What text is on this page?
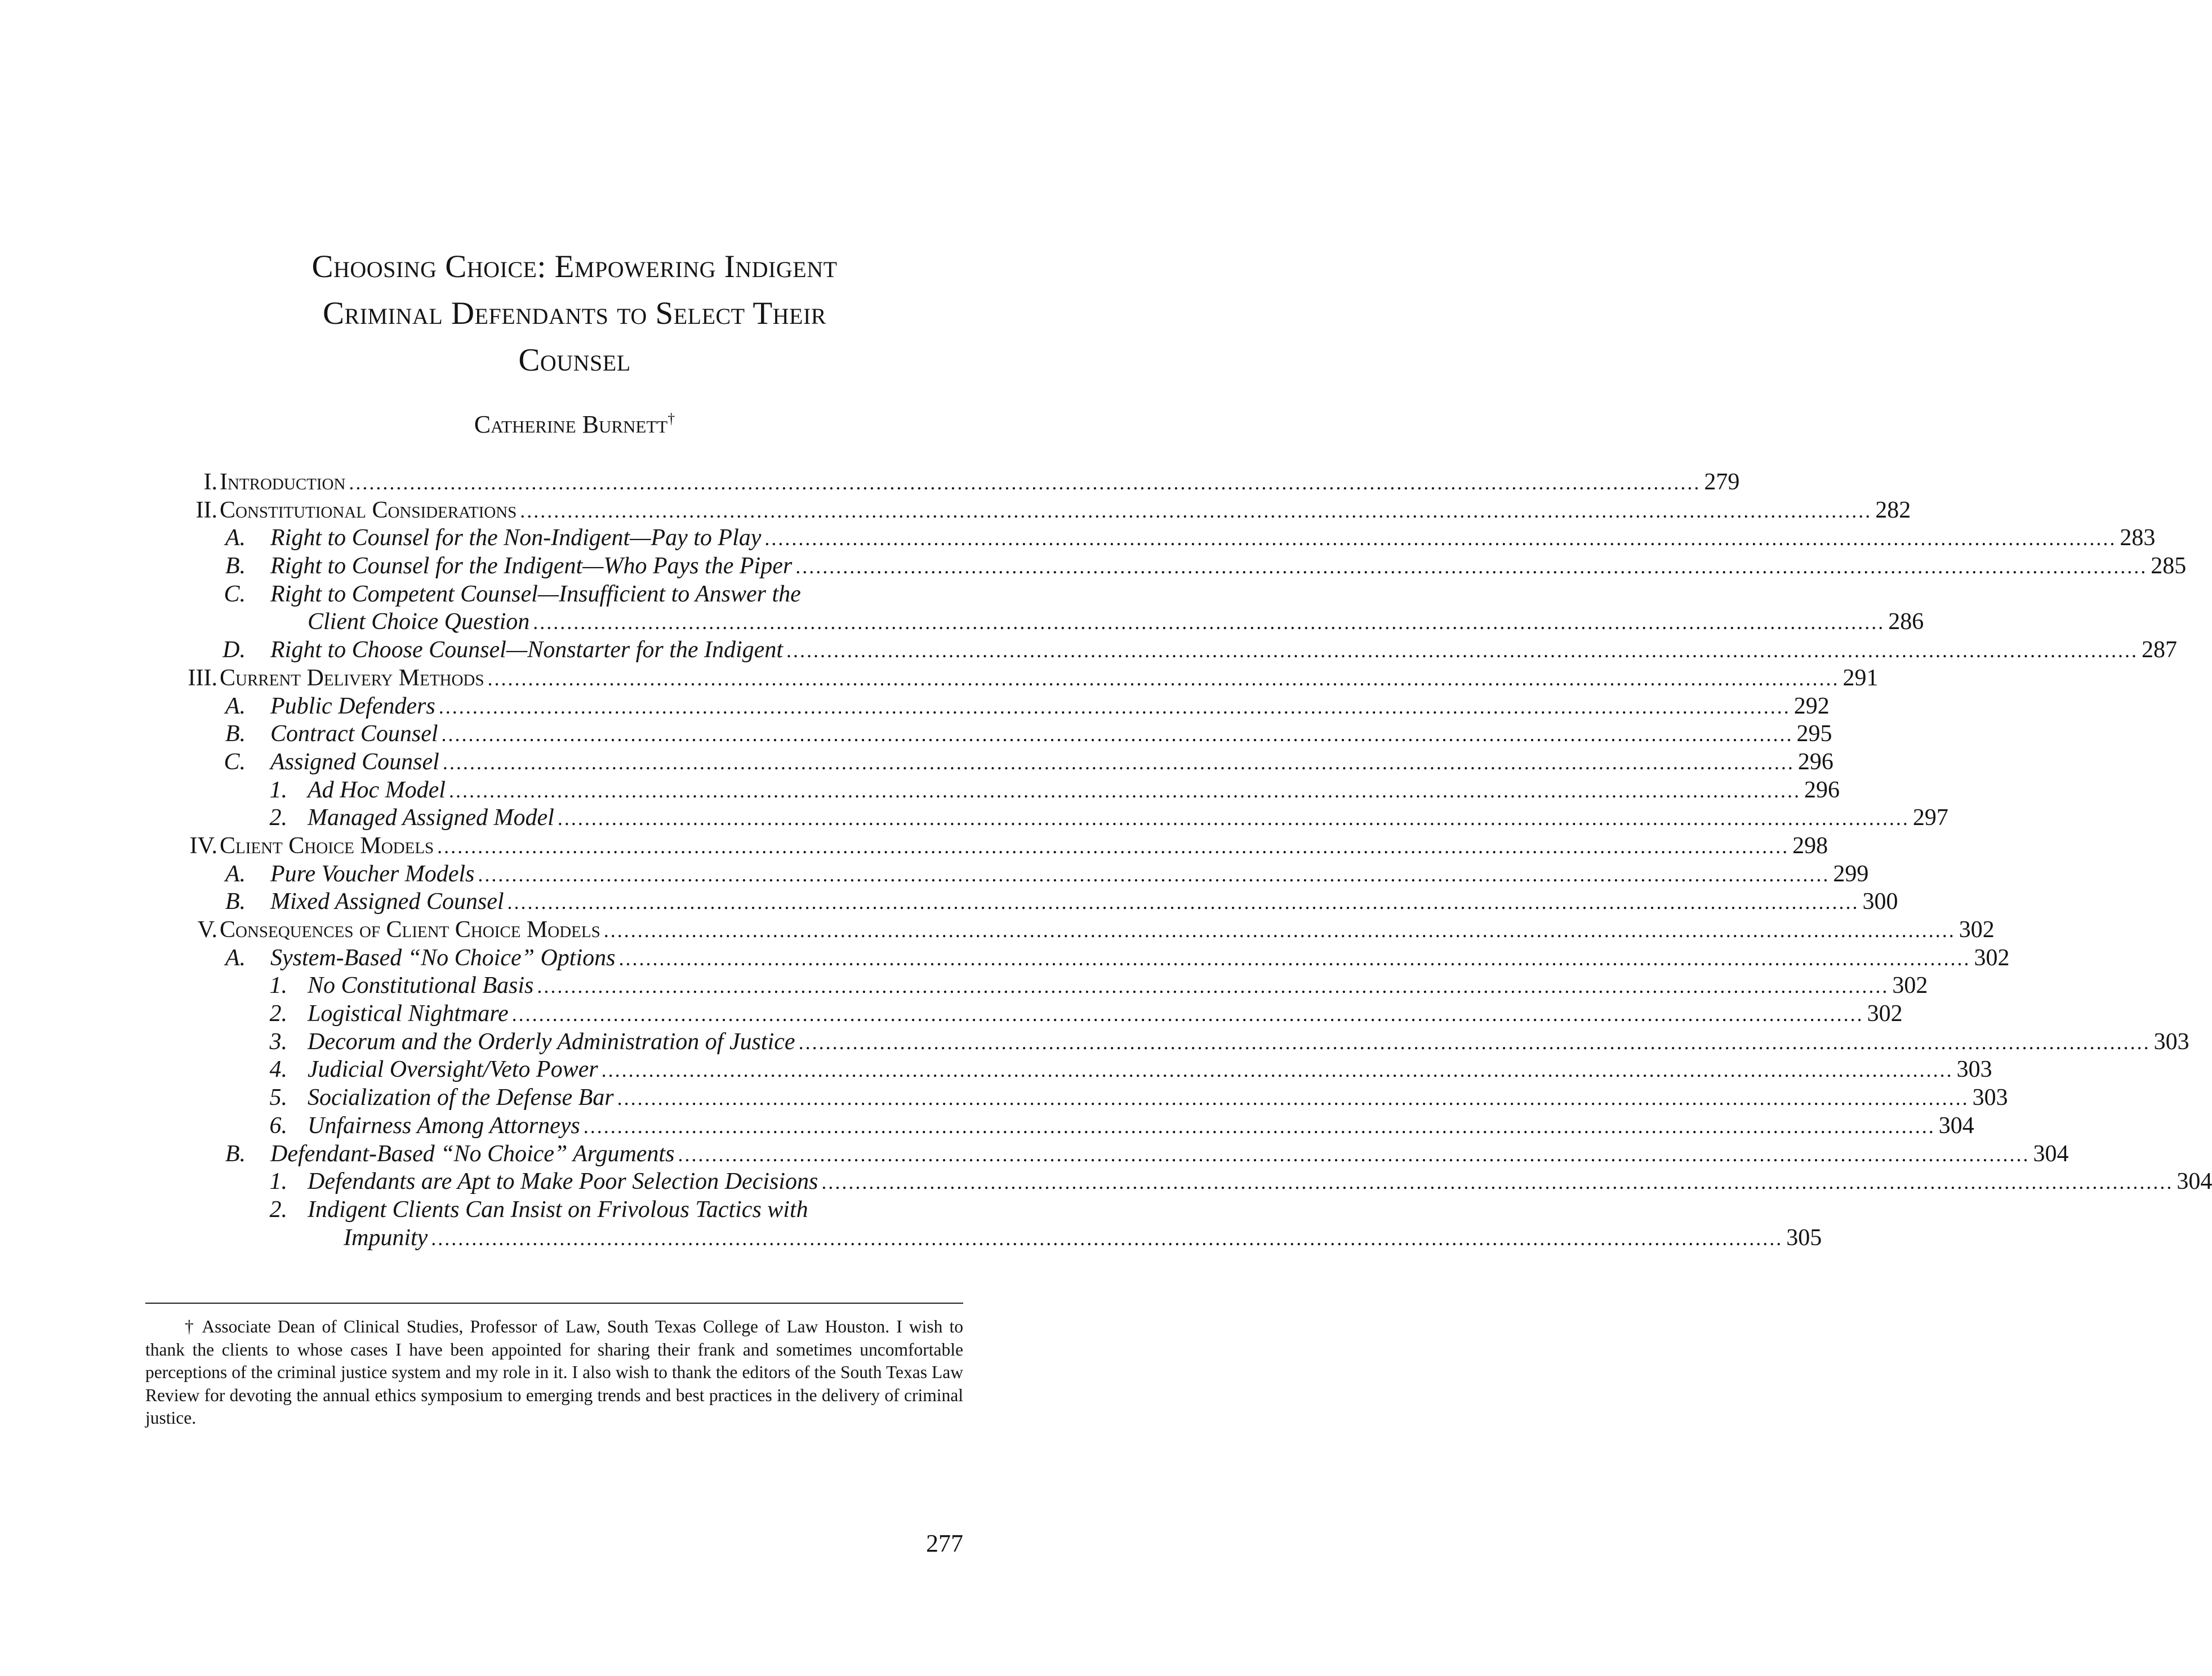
Choosing Choice: Empowering Indigent
Criminal Defendants to Select Their
Counsel
Catherine Burnett†
I. Introduction ........................................................................................................................................................................................................ 279
II. Constitutional Considerations ........................................................................................................................................................................................................ 282
A. Right to Counsel for the Non-Indigent—Pay to Play ........................................................................................................................................................................................................ 283
B. Right to Counsel for the Indigent—Who Pays the Piper ........................................................................................................................................................................................................ 285
C. Right to Competent Counsel—Insufficient to Answer the
Client Choice Question ........................................................................................................................................................................................................ 286
D. Right to Choose Counsel—Nonstarter for the Indigent ........................................................................................................................................................................................................ 287
III. Current Delivery Methods ........................................................................................................................................................................................................ 291
A. Public Defenders ........................................................................................................................................................................................................ 292
B. Contract Counsel ........................................................................................................................................................................................................ 295
C. Assigned Counsel ........................................................................................................................................................................................................ 296
1. Ad Hoc Model ........................................................................................................................................................................................................ 296
2. Managed Assigned Model ........................................................................................................................................................................................................ 297
IV. Client Choice Models ........................................................................................................................................................................................................ 298
A. Pure Voucher Models ........................................................................................................................................................................................................ 299
B. Mixed Assigned Counsel ........................................................................................................................................................................................................ 300
V. Consequences of Client Choice Models ........................................................................................................................................................................................................ 302
A. System-Based “No Choice” Options ........................................................................................................................................................................................................ 302
1. No Constitutional Basis ........................................................................................................................................................................................................ 302
2. Logistical Nightmare ........................................................................................................................................................................................................ 302
3. Decorum and the Orderly Administration of Justice ........................................................................................................................................................................................................ 303
4. Judicial Oversight/Veto Power ........................................................................................................................................................................................................ 303
5. Socialization of the Defense Bar ........................................................................................................................................................................................................ 303
6. Unfairness Among Attorneys ........................................................................................................................................................................................................ 304
B. Defendant-Based “No Choice” Arguments ........................................................................................................................................................................................................ 304
1. Defendants are Apt to Make Poor Selection Decisions ........................................................................................................................................................................................................ 304
2. Indigent Clients Can Insist on Frivolous Tactics with
Impunity ........................................................................................................................................................................................................ 305
† Associate Dean of Clinical Studies, Professor of Law, South Texas College of Law Houston. I wish to thank the clients to whose cases I have been appointed for sharing their frank and sometimes uncomfortable perceptions of the criminal justice system and my role in it. I also wish to thank the editors of the South Texas Law Review for devoting the annual ethics symposium to emerging trends and best practices in the delivery of criminal justice.
277
